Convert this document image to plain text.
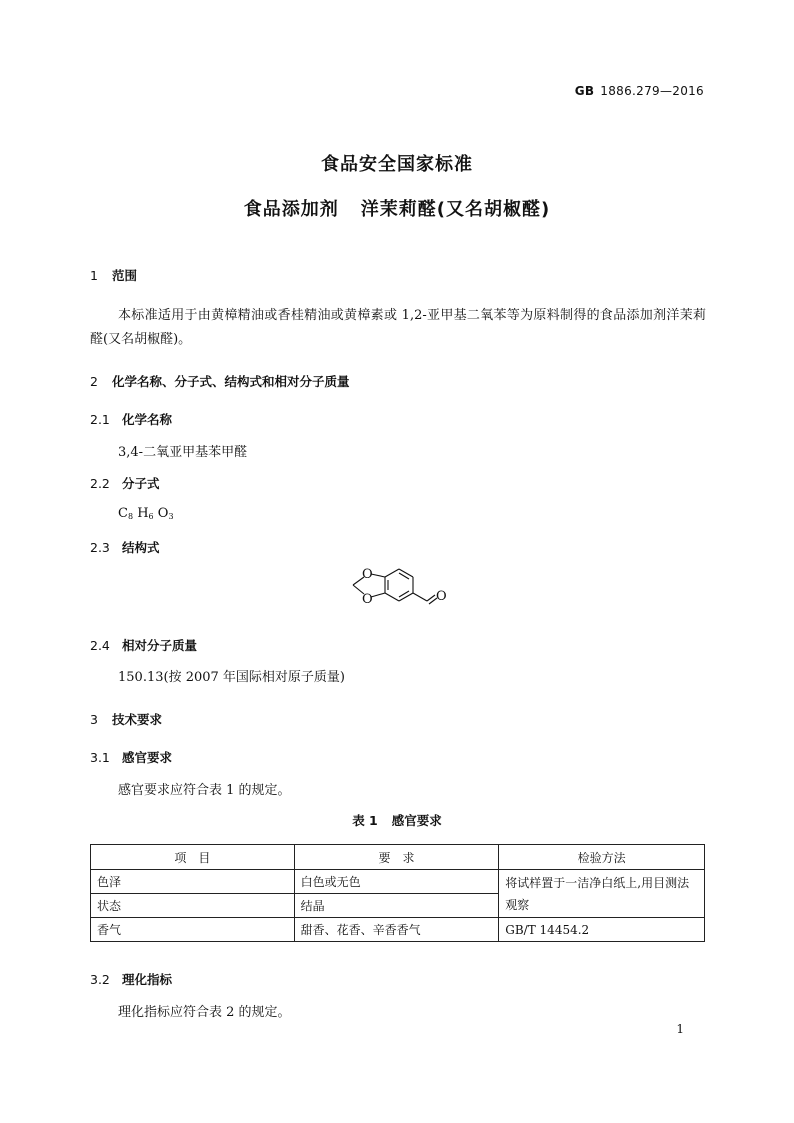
GB 1886.279—2016
食品安全国家标准
食品添加剂 洋茉莉醛(又名胡椒醛)
1 范围
本标准适用于由黄樟精油或香桂精油或黄樟素或 1,2-亚甲基二氧苯等为原料制得的食品添加剂洋茉莉醛(又名胡椒醛)。
2 化学名称、分子式、结构式和相对分子质量
2.1 化学名称
3,4-二氧亚甲基苯甲醛
2.2 分子式
$C_8$ $H_6$ $O_3$
2.3 结构式
O
O	O
2.4 相对分子质量
150.13(按 2007 年国际相对原子质量)
3 技术要求
3.1 感官要求
感官要求应符合表 1 的规定。
表 1 感官要求
项　目	要　求	检验方法
色泽	白色或无色	将试样置于一洁净白纸上,用目测法观察
状态	结晶	
香气	甜香、花香、辛香香气	GB/T 14454.2
3.2 理化指标
理化指标应符合表 2 的规定。
1
